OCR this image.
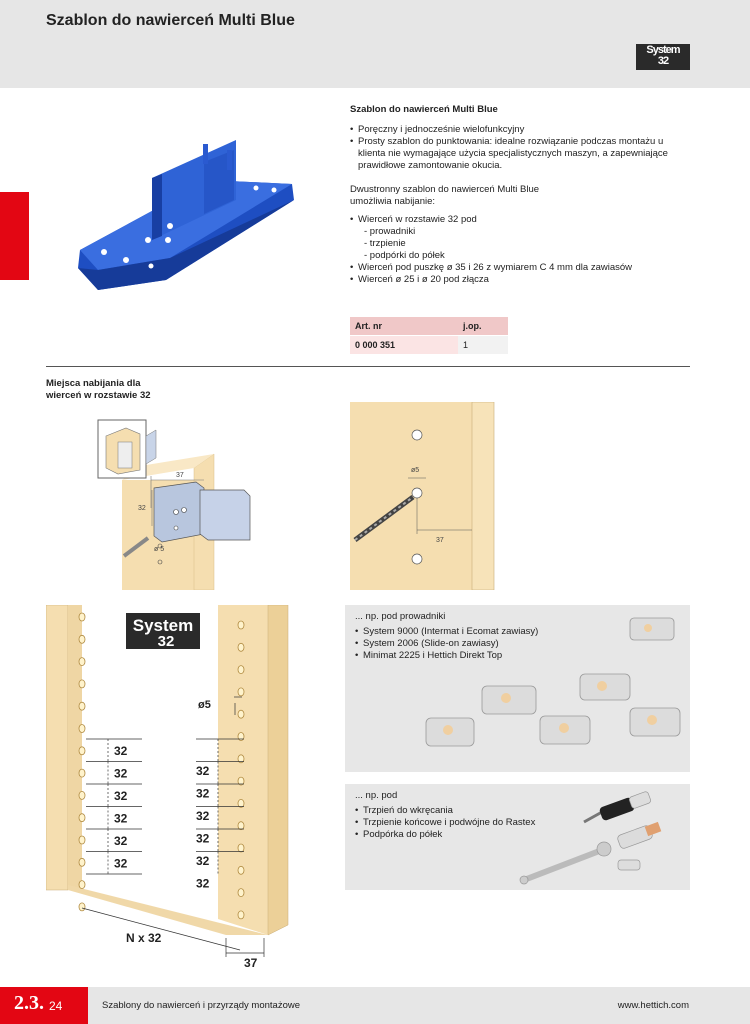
Szablon do nawierceń Multi Blue
System
32
Szablon do nawierceń Multi Blue
• Poręczny i jednocześnie wielofunkcyjny
• Prosty szablon do punktowania: idealne rozwiązanie podczas montażu u klienta nie wymagające użycia specjalistycznych maszyn, a zapewniające prawidłowe zamontowanie okucia.
Dwustronny szablon do nawierceń Multi Blue
umożliwia nabijanie:
• Wierceń w rozstawie 32 pod
- prowadniki
- trzpienie
- podpórki do półek
• Wierceń pod puszkę ø 35 i 26 z wymiarem C 4 mm dla zawiasów
• Wierceń ø 25 i ø 20 pod złącza
Art. nr	j.op.
0 000 351	1
Miejsca nabijania dla
wierceń w rozstawie 32
37
32
ø 5
ø5
37
System
32
32
32
32
32
32
32
32
32
32
32
32
32
ø5
N x 32
37
... np. pod prowadniki
• System 9000 (Intermat i Ecomat zawiasy)
• System 2006 (Slide-on zawiasy)
• Minimat 2225 i Hettich Direkt Top
... np. pod
• Trzpień do wkręcania
• Trzpienie końcowe i podwójne do Rastex
• Podpórka do półek
2.3. 24	Szablony do nawierceń i przyrządy montażowe	www.hettich.com
